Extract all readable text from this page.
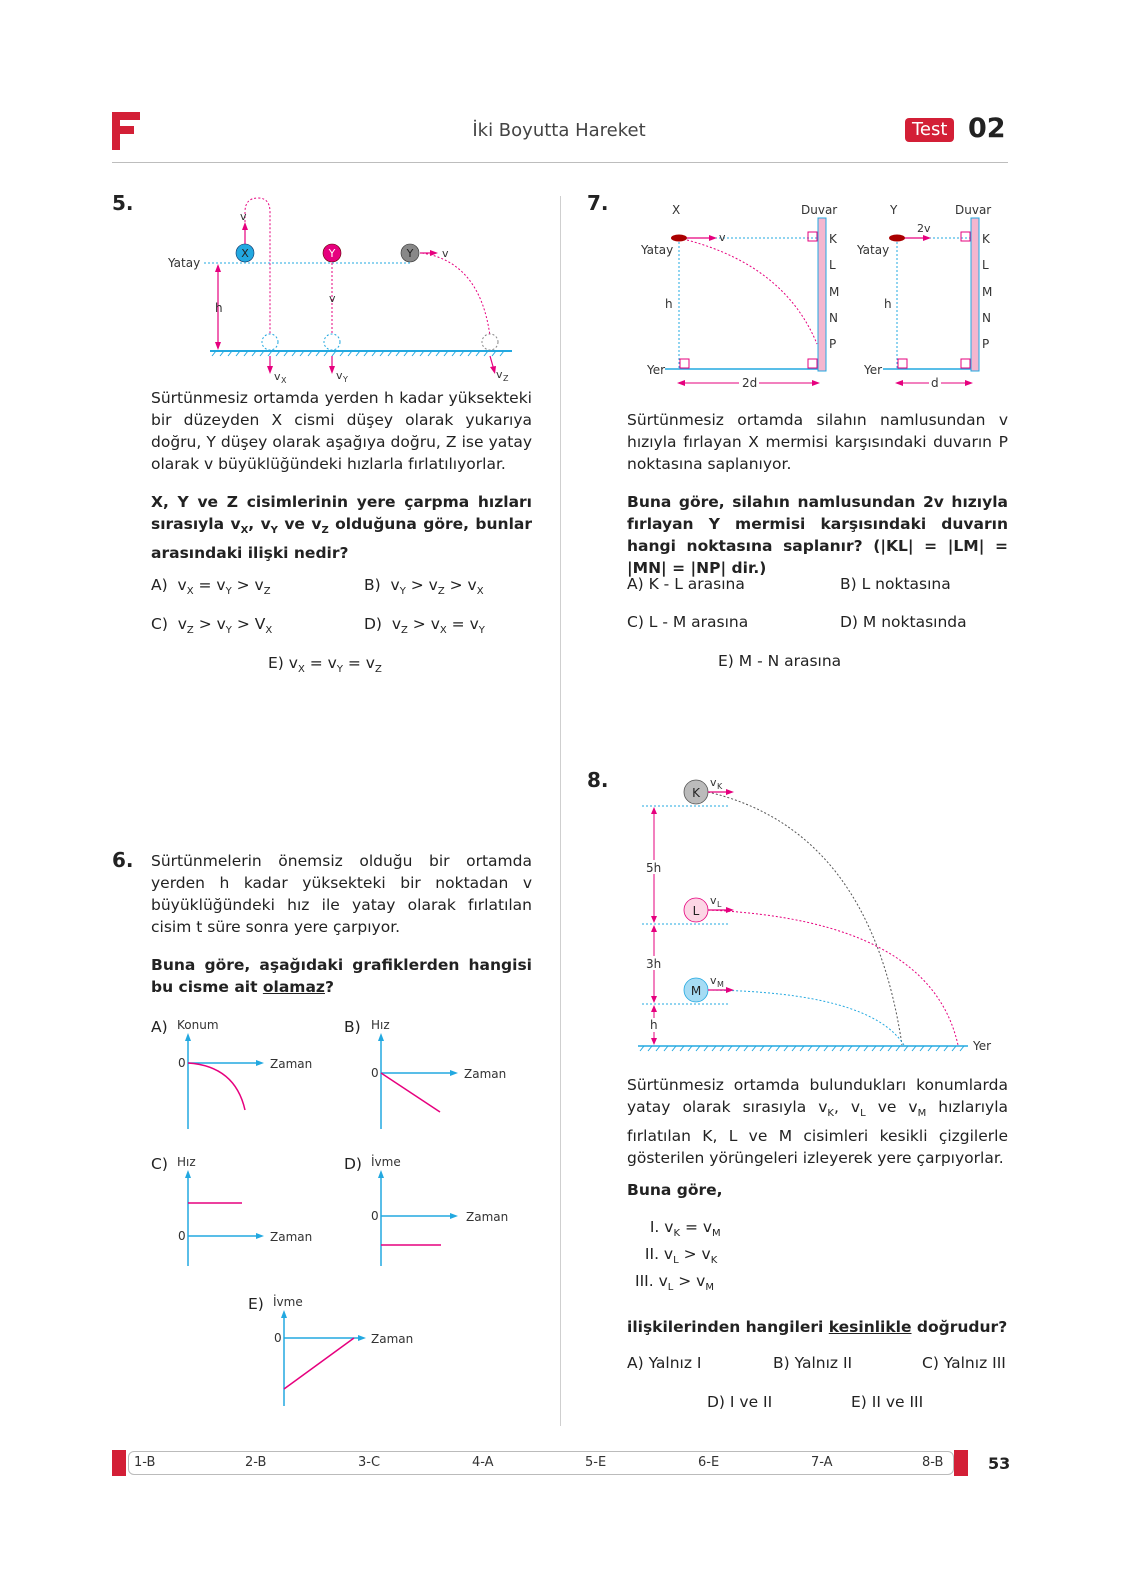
İki Boyutta Hareket	Test 02
5.
Yatay
h
v
X
v X
Y
v
v Y
Y	v
v Z
Sürtünmesiz ortamda yerden h kadar yüksekteki bir düzeyden X cismi düşey olarak yukarıya doğru, Y düşey olarak aşağıya doğru, Z ise yatay olarak v büyüklüğündeki hızlarla fırlatılıyorlar.
X, Y ve Z cisimlerinin yere çarpma hızları sırasıyla $v_X$, $v_Y$ ve $v_Z$ olduğuna göre, bunlar arasındaki ilişki nedir?
A)  $v_X = v_Y > v_Z$	B)  $v_Y > v_Z > v_X$
C)  $v_Z > v_Y > V_X$	D)  $v_Z > v_X = v_Y$
E) $v_X = v_Y = v_Z$
6. Sürtünmelerin önemsiz olduğu bir ortamda yerden h kadar yüksekteki bir noktadan v büyüklüğündeki hız ile yatay olarak fırlatılan cisim t süre sonra yere çarpıyor.
Buna göre, aşağıdaki grafiklerden hangisi bu cisme ait olamaz?
A) Konum
0	Zaman
B) Hız
0	Zaman
C) Hız
0	Zaman
D) İvme
0	Zaman
E) İvme
0	Zaman
7.	X	Duvar
Yatay
h
Yer
v	K
L
M
N
P
2d
Y	Duvar
Yatay
h
Yer
2v
K
L
M
N
P
d
Sürtünmesiz ortamda silahın namlusundan v hızıyla fırlayan X mermisi karşısındaki duvarın P noktasına saplanıyor.
Buna göre, silahın namlusundan 2v hızıyla fırlayan Y mermisi karşısındaki duvarın hangi noktasına saplanır? (|KL| = |LM| = |MN| = |NP| dir.)
A) K - L arasına	B) L noktasına
C) L - M arasına	D) M noktasında
E) M - N arasına
8.
Yer
5h
3h
h
K
v K
L
v L
M
v M
Sürtünmesiz ortamda bulundukları konumlarda yatay olarak sırasıyla $v_K$, $v_L$ ve $v_M$ hızlarıyla fırlatılan K, L ve M cisimleri kesikli çizgilerle gösterilen yörüngeleri izleyerek yere çarpıyorlar.
Buna göre,
I. $v_K = v_M$
II. $v_L > v_K$
III. $v_L > v_M$
ilişkilerinden hangileri kesinlikle doğrudur?
A) Yalnız I	B) Yalnız II	C) Yalnız III
D) I ve II	E) II ve III
1-B	2-B	3-C	4-A	5-E	6-E	7-A	8-B	53
